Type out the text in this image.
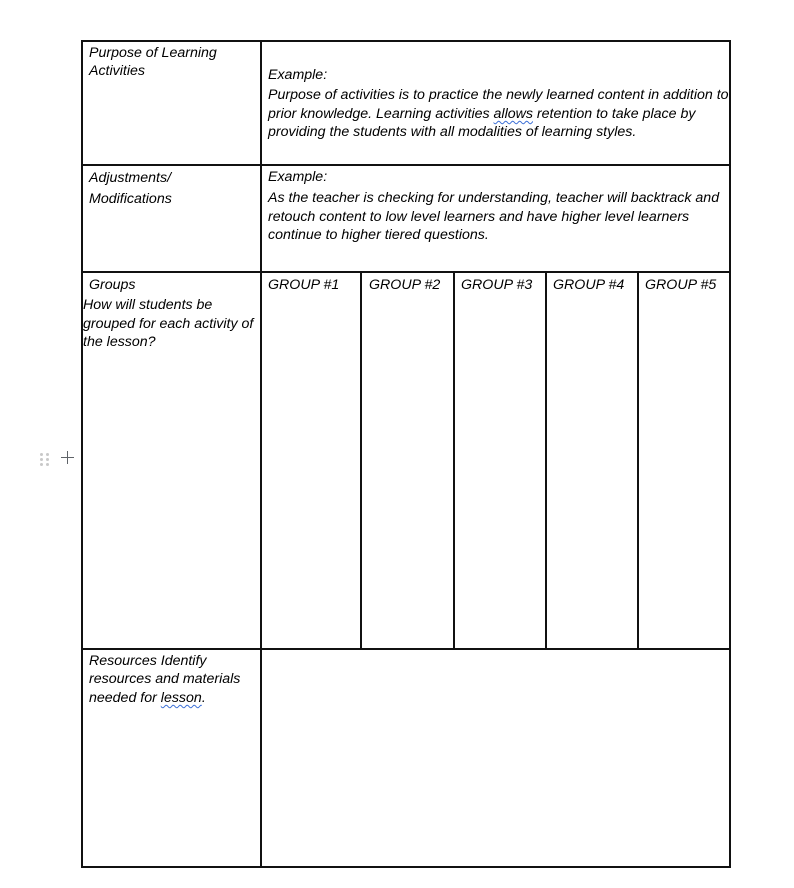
Purpose of Learning
Activities	Example:
Purpose of activities is to practice the newly learned content in addition to
prior knowledge. Learning activities allows retention to take place by
providing the students with all modalities of learning styles.
Adjustments/
Modifications
Example:
As the teacher is checking for understanding, teacher will backtrack and
retouch content to low level learners and have higher level learners
continue to higher tiered questions.
Groups
How will students be
grouped for each activity of
the lesson?
GROUP #1 GROUP #2 GROUP #3 GROUP #4 GROUP #5
Resources Identify
resources and materials
needed for lesson.
